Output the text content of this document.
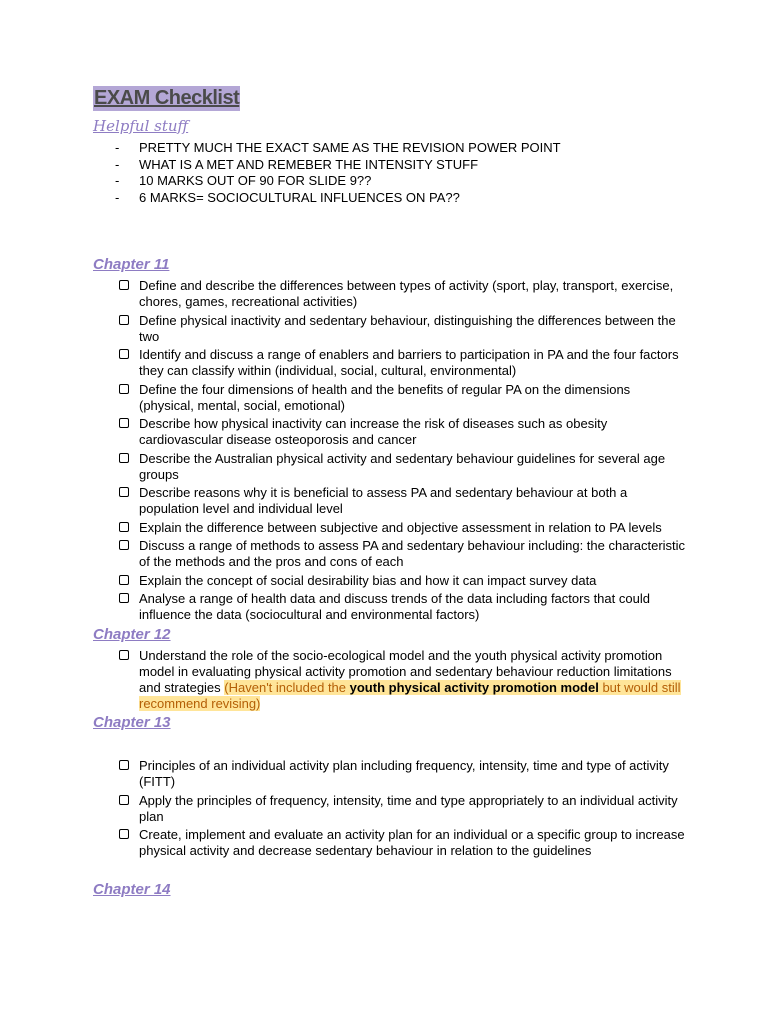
EXAM Checklist
Helpful stuff
- PRETTY MUCH THE EXACT SAME AS THE REVISION POWER POINT
- WHAT IS A MET AND REMEBER THE INTENSITY STUFF
- 10 MARKS OUT OF 90 FOR SLIDE 9??
- 6 MARKS= SOCIOCULTURAL INFLUENCES ON PA??
Chapter 11
Define and describe the differences between types of activity (sport, play, transport, exercise, chores, games, recreational activities)
Define physical inactivity and sedentary behaviour, distinguishing the differences between the two
Identify and discuss a range of enablers and barriers to participation in PA and the four factors they can classify within (individual, social, cultural, environmental)
Define the four dimensions of health and the benefits of regular PA on the dimensions (physical, mental, social, emotional)
Describe how physical inactivity can increase the risk of diseases such as obesity cardiovascular disease osteoporosis and cancer
Describe the Australian physical activity and sedentary behaviour guidelines for several age groups
Describe reasons why it is beneficial to assess PA and sedentary behaviour at both a population level and individual level
Explain the difference between subjective and objective assessment in relation to PA levels
Discuss a range of methods to assess PA and sedentary behaviour including: the characteristic of the methods and the pros and cons of each
Explain the concept of social desirability bias and how it can impact survey data
Analyse a range of health data and discuss trends of the data including factors that could influence the data (sociocultural and environmental factors)
Chapter 12
Understand the role of the socio-ecological model and the youth physical activity promotion model in evaluating physical activity promotion and sedentary behaviour reduction limitations and strategies (Haven't included the youth physical activity promotion model but would still recommend revising)
Chapter 13
Principles of an individual activity plan including frequency, intensity, time and type of activity (FITT)
Apply the principles of frequency, intensity, time and type appropriately to an individual activity plan
Create, implement and evaluate an activity plan for an individual or a specific group to increase physical activity and decrease sedentary behaviour in relation to the guidelines
Chapter 14
